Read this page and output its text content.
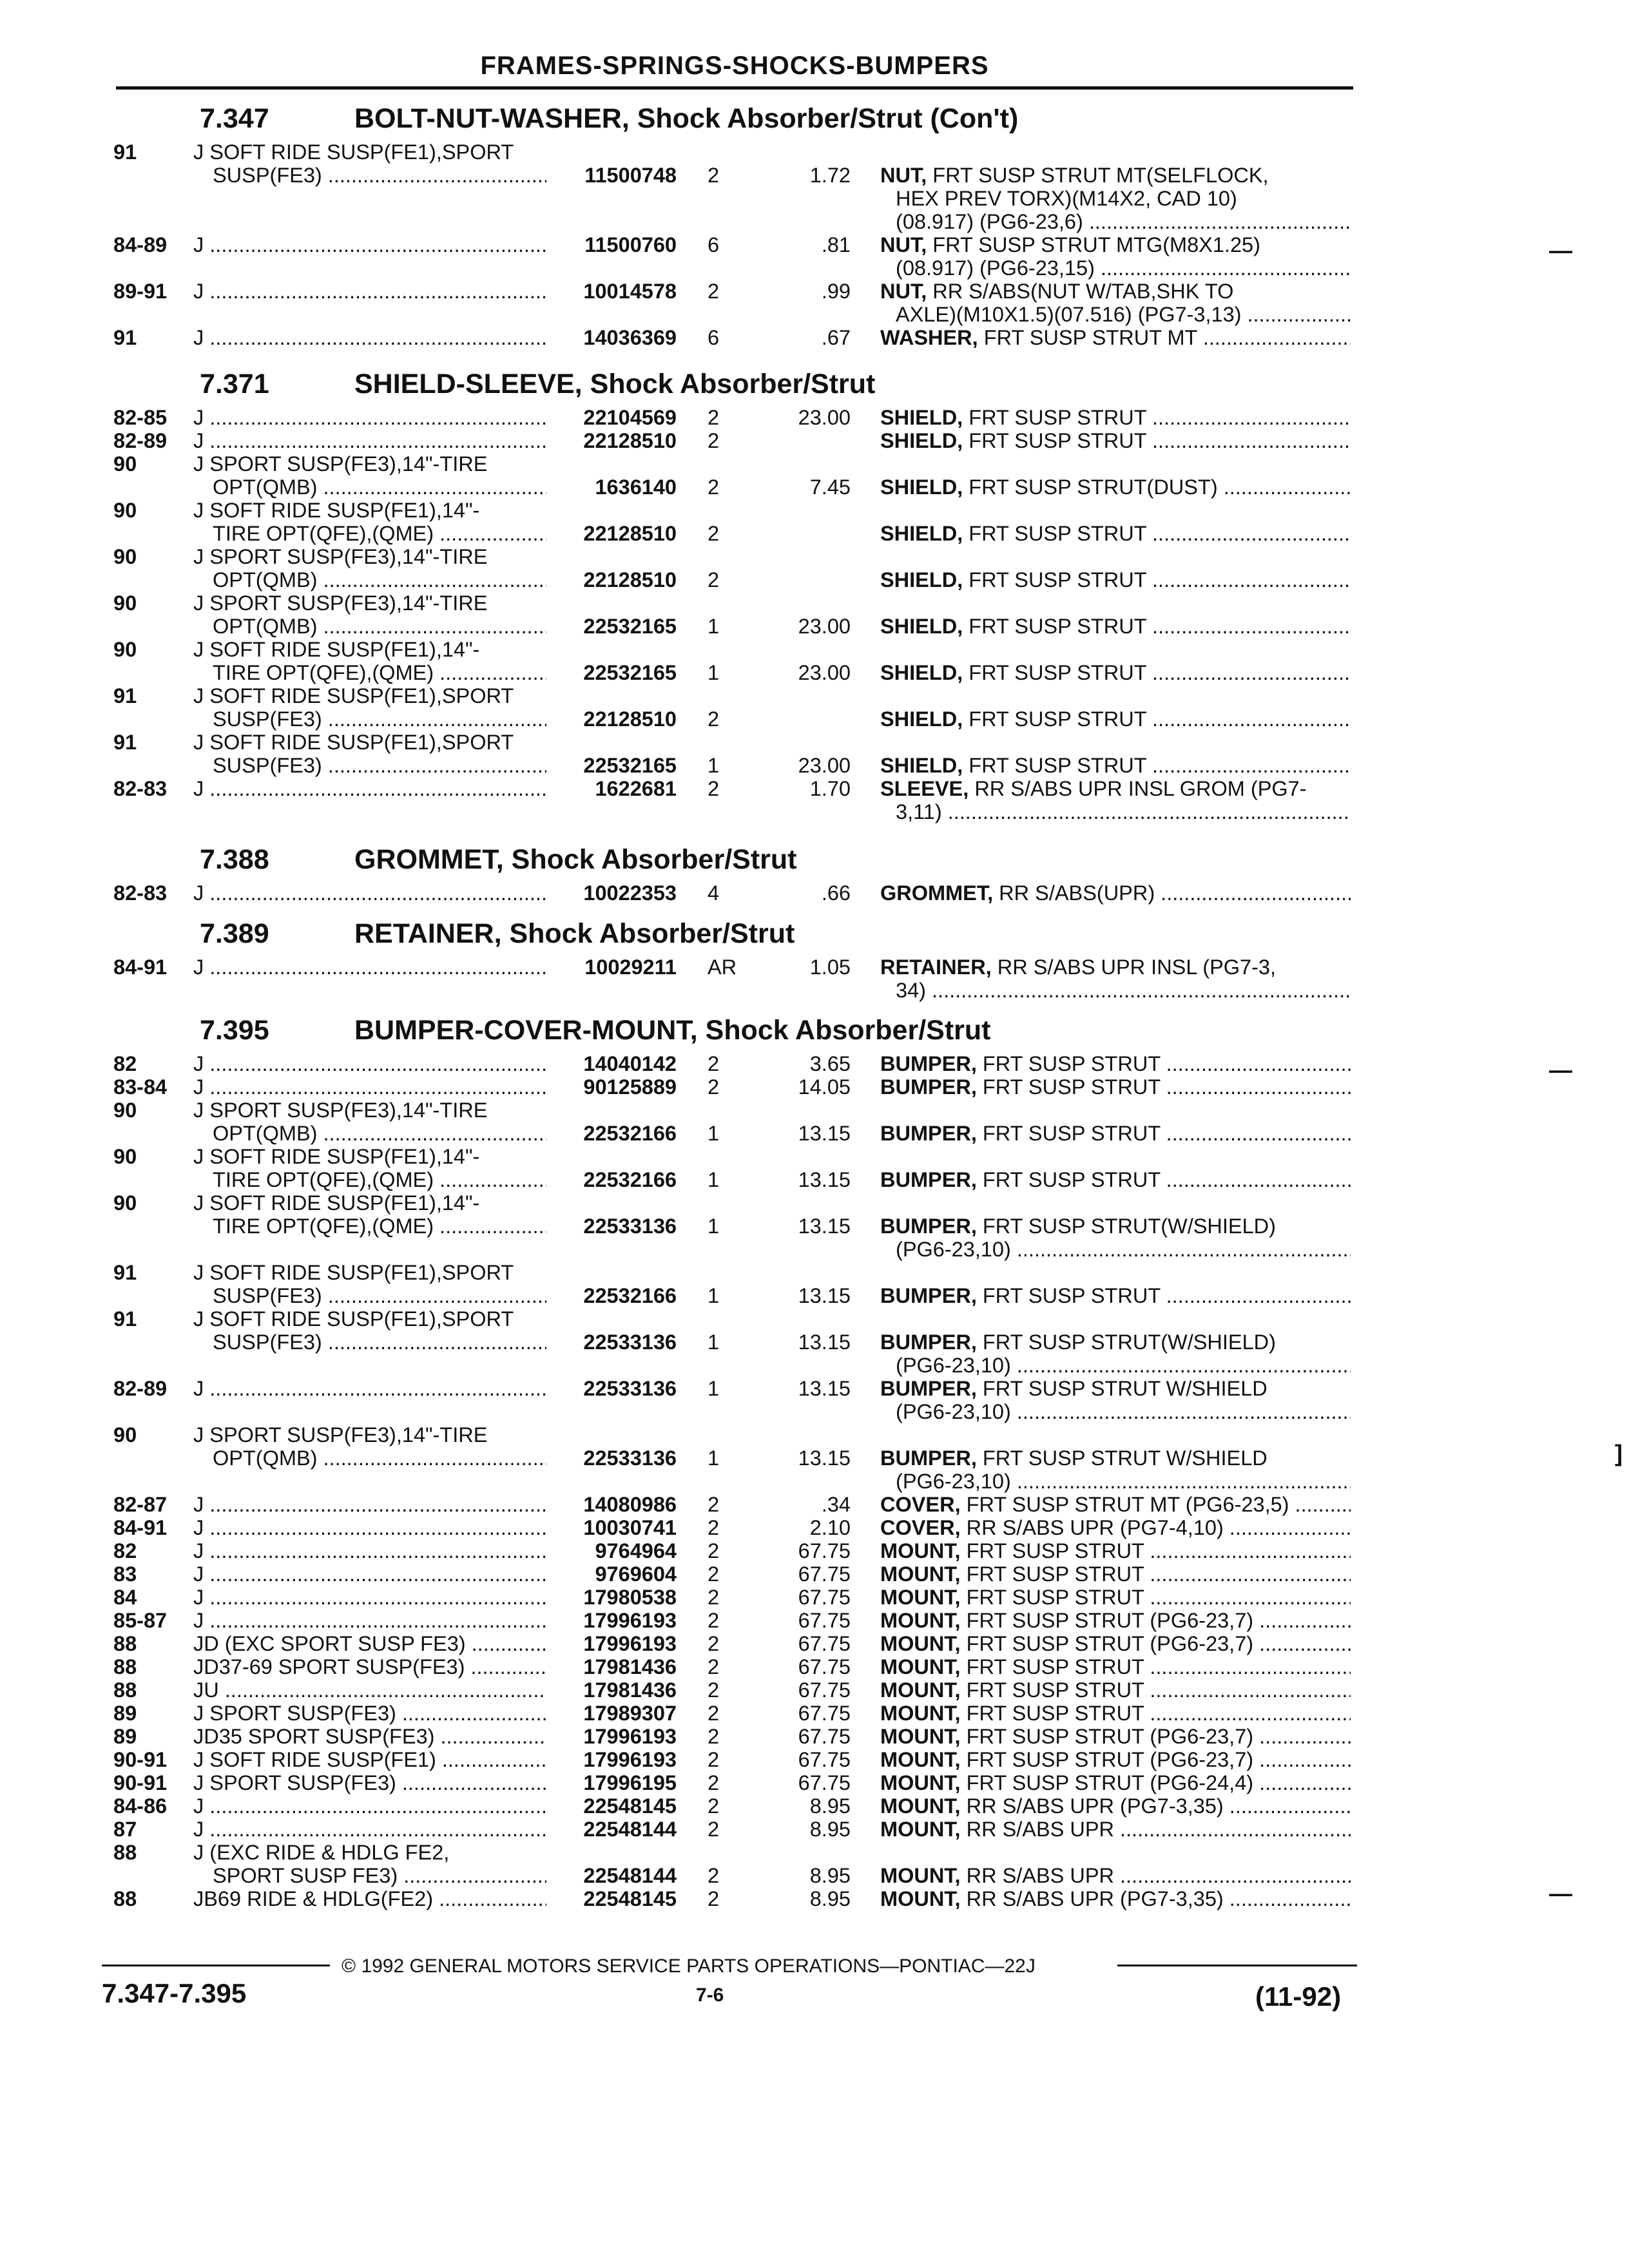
FRAMES-SPRINGS-SHOCKS-BUMPERS
7.347	BOLT-NUT-WASHER, Shock Absorber/Strut (Con't)
91	J SOFT RIDE SUSP(FE1),SPORT
SUSP(FE3) .....	11500748 2	1.72 NUT, FRT SUSP STRUT MT(SELFLOCK,
HEX PREV TORX)(M14X2, CAD 10)
(08.917) (PG6-23,6) .....
84-89 J .....	11500760 6	.81 NUT, FRT SUSP STRUT MTG(M8X1.25)
(08.917) (PG6-23,15) .....
89-91 J .....	10014578 2	.99 NUT, RR S/ABS(NUT W/TAB,SHK TO
AXLE)(M10X1.5)(07.516) (PG7-3,13) .....
91	J .....	14036369 6	.67 WASHER, FRT SUSP STRUT MT .....
7.371	SHIELD-SLEEVE, Shock Absorber/Strut
82-85 J .....	22104569 2	23.00 SHIELD, FRT SUSP STRUT .....
82-89 J .....	22128510 2	SHIELD, FRT SUSP STRUT .....
90	J SPORT SUSP(FE3),14"-TIRE
OPT(QMB) .....	1636140 2	7.45 SHIELD, FRT SUSP STRUT(DUST) .....
90	J SOFT RIDE SUSP(FE1),14"-
TIRE OPT(QFE),(QME) .....	22128510 2	SHIELD, FRT SUSP STRUT .....
90	J SPORT SUSP(FE3),14"-TIRE
OPT(QMB) .....	22128510 2	SHIELD, FRT SUSP STRUT .....
90	J SPORT SUSP(FE3),14"-TIRE
OPT(QMB) .....	22532165 1	23.00 SHIELD, FRT SUSP STRUT .....
90	J SOFT RIDE SUSP(FE1),14"-
TIRE OPT(QFE),(QME) .....	22532165 1	23.00 SHIELD, FRT SUSP STRUT .....
91	J SOFT RIDE SUSP(FE1),SPORT
SUSP(FE3) .....	22128510 2	SHIELD, FRT SUSP STRUT .....
91	J SOFT RIDE SUSP(FE1),SPORT
SUSP(FE3) .....	22532165 1	23.00 SHIELD, FRT SUSP STRUT .....
82-83 J .....	1622681 2	1.70 SLEEVE, RR S/ABS UPR INSL GROM (PG7-
3,11) .....
7.388	GROMMET, Shock Absorber/Strut
82-83 J .....	10022353 4	.66 GROMMET, RR S/ABS(UPR) .....
7.389	RETAINER, Shock Absorber/Strut
84-91 J .....	10029211 AR	1.05 RETAINER, RR S/ABS UPR INSL (PG7-3,
34) .....
7.395	BUMPER-COVER-MOUNT, Shock Absorber/Strut
82	J .....	14040142 2	3.65 BUMPER, FRT SUSP STRUT .....
83-84 J .....	90125889 2	14.05 BUMPER, FRT SUSP STRUT .....
90	J SPORT SUSP(FE3),14"-TIRE
OPT(QMB) .....	22532166 1	13.15 BUMPER, FRT SUSP STRUT .....
90	J SOFT RIDE SUSP(FE1),14"-
TIRE OPT(QFE),(QME) .....	22532166 1	13.15 BUMPER, FRT SUSP STRUT .....
90	J SOFT RIDE SUSP(FE1),14"-
TIRE OPT(QFE),(QME) .....	22533136 1	13.15 BUMPER, FRT SUSP STRUT(W/SHIELD)
(PG6-23,10) .....
91	J SOFT RIDE SUSP(FE1),SPORT
SUSP(FE3) .....	22532166 1	13.15 BUMPER, FRT SUSP STRUT .....
91	J SOFT RIDE SUSP(FE1),SPORT
SUSP(FE3) .....	22533136 1	13.15 BUMPER, FRT SUSP STRUT(W/SHIELD)
(PG6-23,10) .....
82-89 J .....	22533136 1	13.15 BUMPER, FRT SUSP STRUT W/SHIELD
(PG6-23,10) .....
90	J SPORT SUSP(FE3),14"-TIRE
OPT(QMB) .....	22533136 1	13.15 BUMPER, FRT SUSP STRUT W/SHIELD
(PG6-23,10) .....
82-87 J .....	14080986 2	.34 COVER, FRT SUSP STRUT MT (PG6-23,5) .....
84-91 J .....	10030741 2	2.10 COVER, RR S/ABS UPR (PG7-4,10) .....
82	J .....	9764964 2	67.75 MOUNT, FRT SUSP STRUT .....
83	J .....	9769604 2	67.75 MOUNT, FRT SUSP STRUT .....
84	J .....	17980538 2	67.75 MOUNT, FRT SUSP STRUT .....
85-87 J .....	17996193 2	67.75 MOUNT, FRT SUSP STRUT (PG6-23,7) .....
88	JD (EXC SPORT SUSP FE3) .....	17996193 2	67.75 MOUNT, FRT SUSP STRUT (PG6-23,7) .....
88	JD37-69 SPORT SUSP(FE3) .....	17981436 2	67.75 MOUNT, FRT SUSP STRUT .....
88	JU .....	17981436 2	67.75 MOUNT, FRT SUSP STRUT .....
89	J SPORT SUSP(FE3) .....	17989307 2	67.75 MOUNT, FRT SUSP STRUT .....
89	JD35 SPORT SUSP(FE3) .....	17996193 2	67.75 MOUNT, FRT SUSP STRUT (PG6-23,7) .....
90-91 J SOFT RIDE SUSP(FE1) .....	17996193 2	67.75 MOUNT, FRT SUSP STRUT (PG6-23,7) .....
90-91 J SPORT SUSP(FE3) .....	17996195 2	67.75 MOUNT, FRT SUSP STRUT (PG6-24,4) .....
84-86 J .....	22548145 2	8.95 MOUNT, RR S/ABS UPR (PG7-3,35) .....
87	J .....	22548144 2	8.95 MOUNT, RR S/ABS UPR .....
88	J (EXC RIDE & HDLG FE2,
SPORT SUSP FE3) .....	22548144 2	8.95 MOUNT, RR S/ABS UPR .....
88	JB69 RIDE & HDLG(FE2) .....	22548145 2	8.95 MOUNT, RR S/ABS UPR (PG7-3,35) .....
—
—
]
—
© 1992 GENERAL MOTORS SERVICE PARTS OPERATIONS—PONTIAC—22J
7.347-7.395	7-6	(11-92)
